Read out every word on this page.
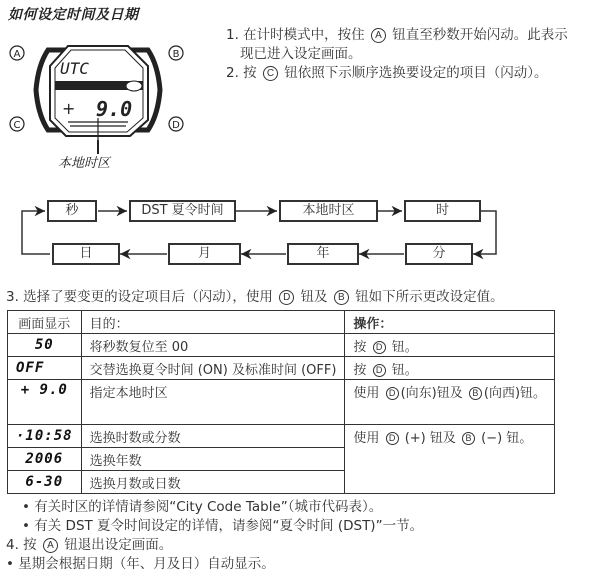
如何设定时间及日期
UTC
+ 9.0
A	B
C	D
本地时区
1. 在计时模式中，按住 A 钮直至秒数开始闪动。此表示
现已进入设定画面。
2. 按 C 钮依照下示顺序选换要设定的项目（闪动）。
秒	DST 夏令时间	本地时区	时
日	月	年	分
3. 选择了要变更的设定项目后（闪动），使用 D 钮及 B 钮如下所示更改设定值。
画面显示	目的：	操作：
50	将秒数复位至 00	按 D 钮。
OFF	交替选换夏令时间 (ON) 及标准时间 (OFF)	按 D 钮。
+ 9.0	指定本地时区	使用 D (向东)钮及 B (向西)钮。
·10:58	选换时数或分数	使用 D (+) 钮及 B (−) 钮。
2006	选换年数	
6-30	选换月数或日数	
• 有关时区的详情请参阅“City Code Table”（城市代码表）。
• 有关 DST 夏令时间设定的详情，请参阅“夏令时间 (DST)”一节。
4. 按 A 钮退出设定画面。
• 星期会根据日期（年、月及日）自动显示。
